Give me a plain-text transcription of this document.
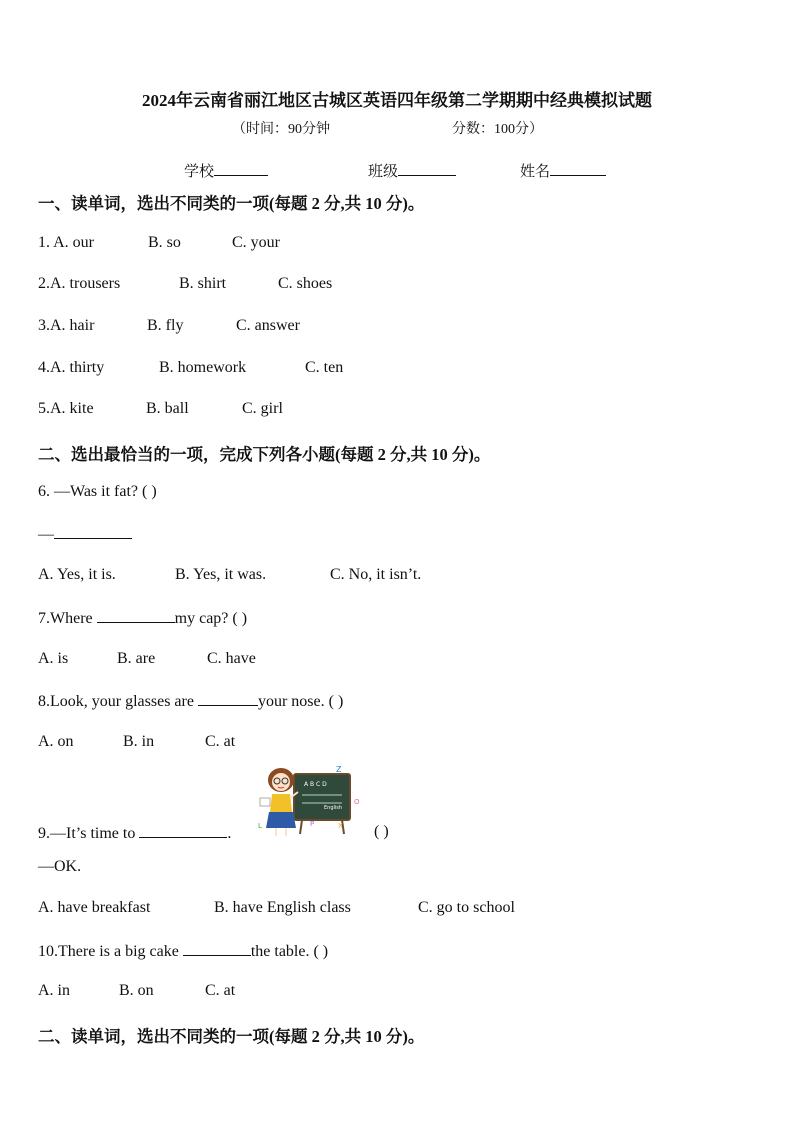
2024年云南省丽江地区古城区英语四年级第二学期期中经典模拟试题
（时间：90分钟	分数：100分）
学校	班级	姓名
一、读单词，选出不同类的一项(每题 2 分,共 10 分)。
1. A. our	B. so	C. your
2.A. trousers	B. shirt	C. shoes
3.A. hair	B. fly	C. answer
4.A. thirty	B. homework	C. ten
5.A. kite	B. ball	C. girl
二、选出最恰当的一项，完成下列各小题(每题 2 分,共 10 分)。
6. —Was it fat? ( )
—
A. Yes, it is.	B. Yes, it was.	C. No, it isn’t.
7.Where	my cap? ( )
A. is	B. are	C. have
8.Look, your glasses are	your nose. ( )
A. on	B. in	C. at
A B C D
English
Z
O
P	X
L
9.—It’s time to	.	( )
—OK.
A. have breakfast	B. have English class	C. go to school
10.There is a big cake	the table. ( )
A. in	B. on	C. at
二、读单词，选出不同类的一项(每题 2 分,共 10 分)。
